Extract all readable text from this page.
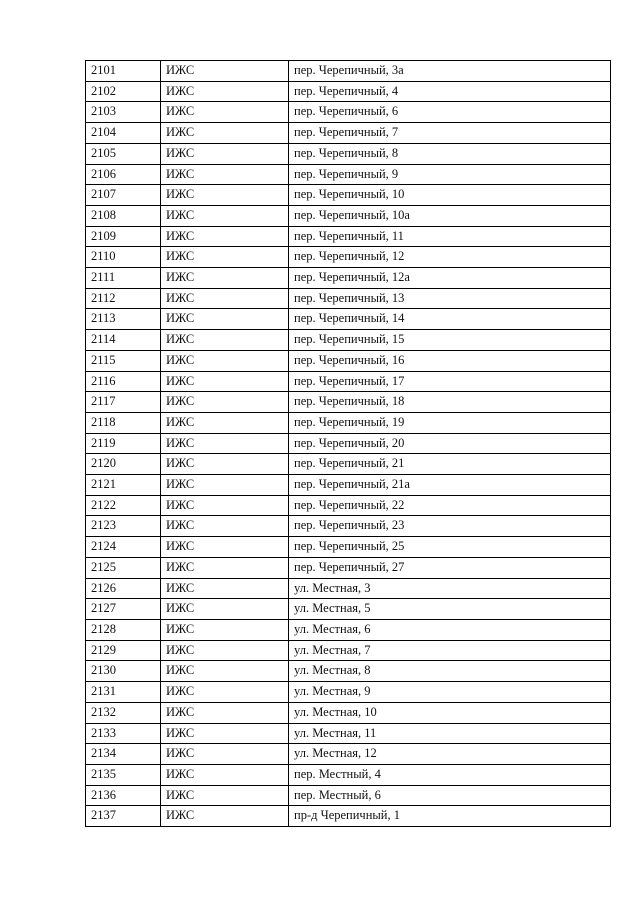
2101	ИЖС	пер. Черепичный, 3а
2102	ИЖС	пер. Черепичный, 4
2103	ИЖС	пер. Черепичный, 6
2104	ИЖС	пер. Черепичный, 7
2105	ИЖС	пер. Черепичный, 8
2106	ИЖС	пер. Черепичный, 9
2107	ИЖС	пер. Черепичный, 10
2108	ИЖС	пер. Черепичный, 10а
2109	ИЖС	пер. Черепичный, 11
2110	ИЖС	пер. Черепичный, 12
2111	ИЖС	пер. Черепичный, 12а
2112	ИЖС	пер. Черепичный, 13
2113	ИЖС	пер. Черепичный, 14
2114	ИЖС	пер. Черепичный, 15
2115	ИЖС	пер. Черепичный, 16
2116	ИЖС	пер. Черепичный, 17
2117	ИЖС	пер. Черепичный, 18
2118	ИЖС	пер. Черепичный, 19
2119	ИЖС	пер. Черепичный, 20
2120	ИЖС	пер. Черепичный, 21
2121	ИЖС	пер. Черепичный, 21а
2122	ИЖС	пер. Черепичный, 22
2123	ИЖС	пер. Черепичный, 23
2124	ИЖС	пер. Черепичный, 25
2125	ИЖС	пер. Черепичный, 27
2126	ИЖС	ул. Местная, 3
2127	ИЖС	ул. Местная, 5
2128	ИЖС	ул. Местная, 6
2129	ИЖС	ул. Местная, 7
2130	ИЖС	ул. Местная, 8
2131	ИЖС	ул. Местная, 9
2132	ИЖС	ул. Местная, 10
2133	ИЖС	ул. Местная, 11
2134	ИЖС	ул. Местная, 12
2135	ИЖС	пер. Местный, 4
2136	ИЖС	пер. Местный, 6
2137	ИЖС	пр-д Черепичный, 1
